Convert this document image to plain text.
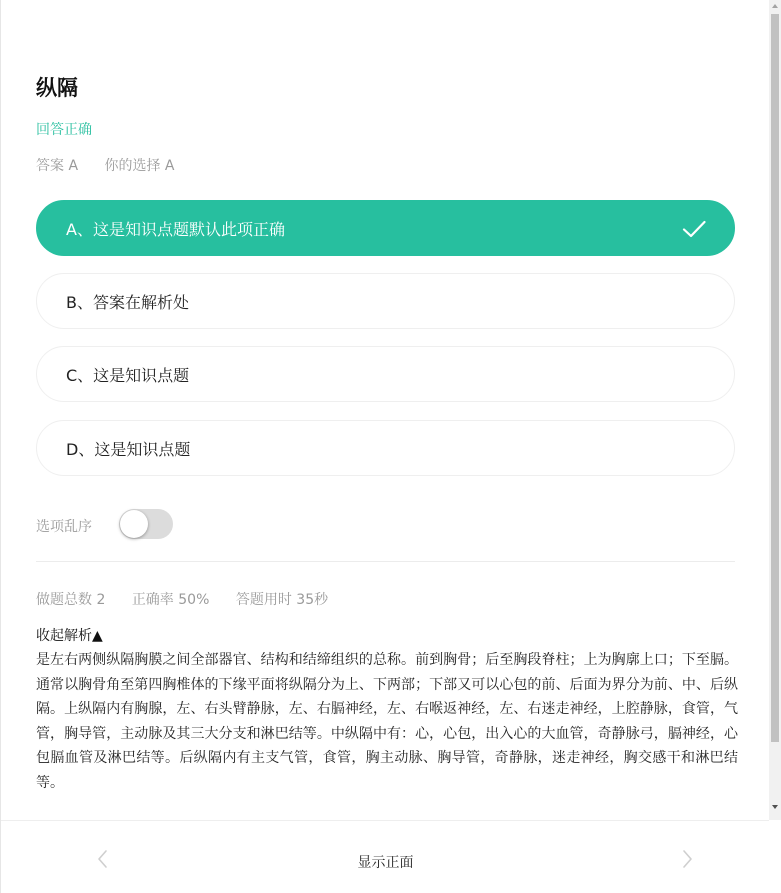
纵隔
回答正确
答案 A 你的选择 A
A、这是知识点题默认此项正确
B、答案在解析处
C、这是知识点题
D、这是知识点题
选项乱序
做题总数 2 正确率 50% 答题用时 35秒
收起解析▲
是左右两侧纵隔胸膜之间全部器官、结构和结缔组织的总称。前到胸骨；后至胸段脊柱；上为胸廓上口；下至膈。通常以胸骨角至第四胸椎体的下缘平面将纵隔分为上、下两部；下部又可以心包的前、后面为界分为前、中、后纵隔。上纵隔内有胸腺，左、右头臂静脉，左、右膈神经，左、右喉返神经，左、右迷走神经，上腔静脉，食管，气管，胸导管，主动脉及其三大分支和淋巴结等。中纵隔中有：心，心包，出入心的大血管，奇静脉弓，膈神经，心包膈血管及淋巴结等。后纵隔内有主支气管，食管，胸主动脉、胸导管，奇静脉，迷走神经，胸交感干和淋巴结等。
显示正面
